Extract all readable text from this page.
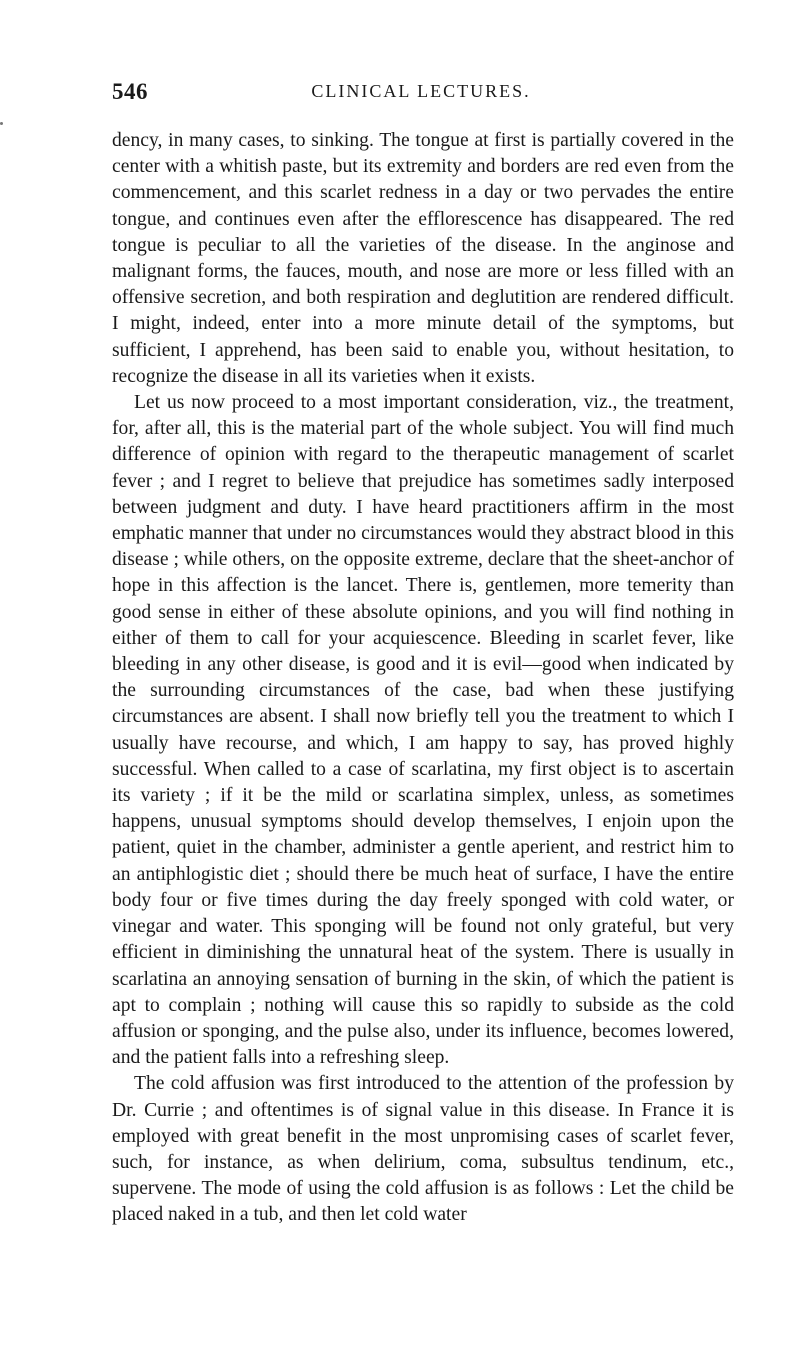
546	CLINICAL LECTURES.

dency, in many cases, to sinking. The tongue at first is partially covered in the center with a whitish paste, but its extremity and borders are red even from the commencement, and this scarlet redness in a day or two pervades the entire tongue, and continues even after the efflorescence has disappeared. The red tongue is peculiar to all the varieties of the disease. In the anginose and malignant forms, the fauces, mouth, and nose are more or less filled with an offensive secretion, and both respiration and deglutition are rendered difficult. I might, indeed, enter into a more minute detail of the symptoms, but sufficient, I apprehend, has been said to enable you, without hesitation, to recognize the disease in all its varieties when it exists.

Let us now proceed to a most important consideration, viz., the treatment, for, after all, this is the material part of the whole subject. You will find much difference of opinion with regard to the therapeutic management of scarlet fever ; and I regret to believe that prejudice has sometimes sadly interposed between judgment and duty. I have heard practitioners affirm in the most emphatic manner that under no circumstances would they abstract blood in this disease ; while others, on the opposite extreme, declare that the sheet-anchor of hope in this affection is the lancet. There is, gentlemen, more temerity than good sense in either of these absolute opinions, and you will find nothing in either of them to call for your acquiescence. Bleeding in scarlet fever, like bleeding in any other disease, is good and it is evil—good when indicated by the surrounding circumstances of the case, bad when these justifying circumstances are absent. I shall now briefly tell you the treatment to which I usually have recourse, and which, I am happy to say, has proved highly successful. When called to a case of scarlatina, my first object is to ascertain its variety ; if it be the mild or scarlatina simplex, unless, as sometimes happens, unusual symptoms should develop themselves, I enjoin upon the patient, quiet in the chamber, administer a gentle aperient, and restrict him to an antiphlogistic diet ; should there be much heat of surface, I have the entire body four or five times during the day freely sponged with cold water, or vinegar and water. This sponging will be found not only grateful, but very efficient in diminishing the unnatural heat of the system. There is usually in scarlatina an annoying sensation of burning in the skin, of which the patient is apt to complain ; nothing will cause this so rapidly to subside as the cold affusion or sponging, and the pulse also, under its influence, becomes lowered, and the patient falls into a refreshing sleep.

The cold affusion was first introduced to the attention of the profession by Dr. Currie ; and oftentimes is of signal value in this disease. In France it is employed with great benefit in the most unpromising cases of scarlet fever, such, for instance, as when delirium, coma, subsultus tendinum, etc., supervene. The mode of using the cold affusion is as follows : Let the child be placed naked in a tub, and then let cold water
